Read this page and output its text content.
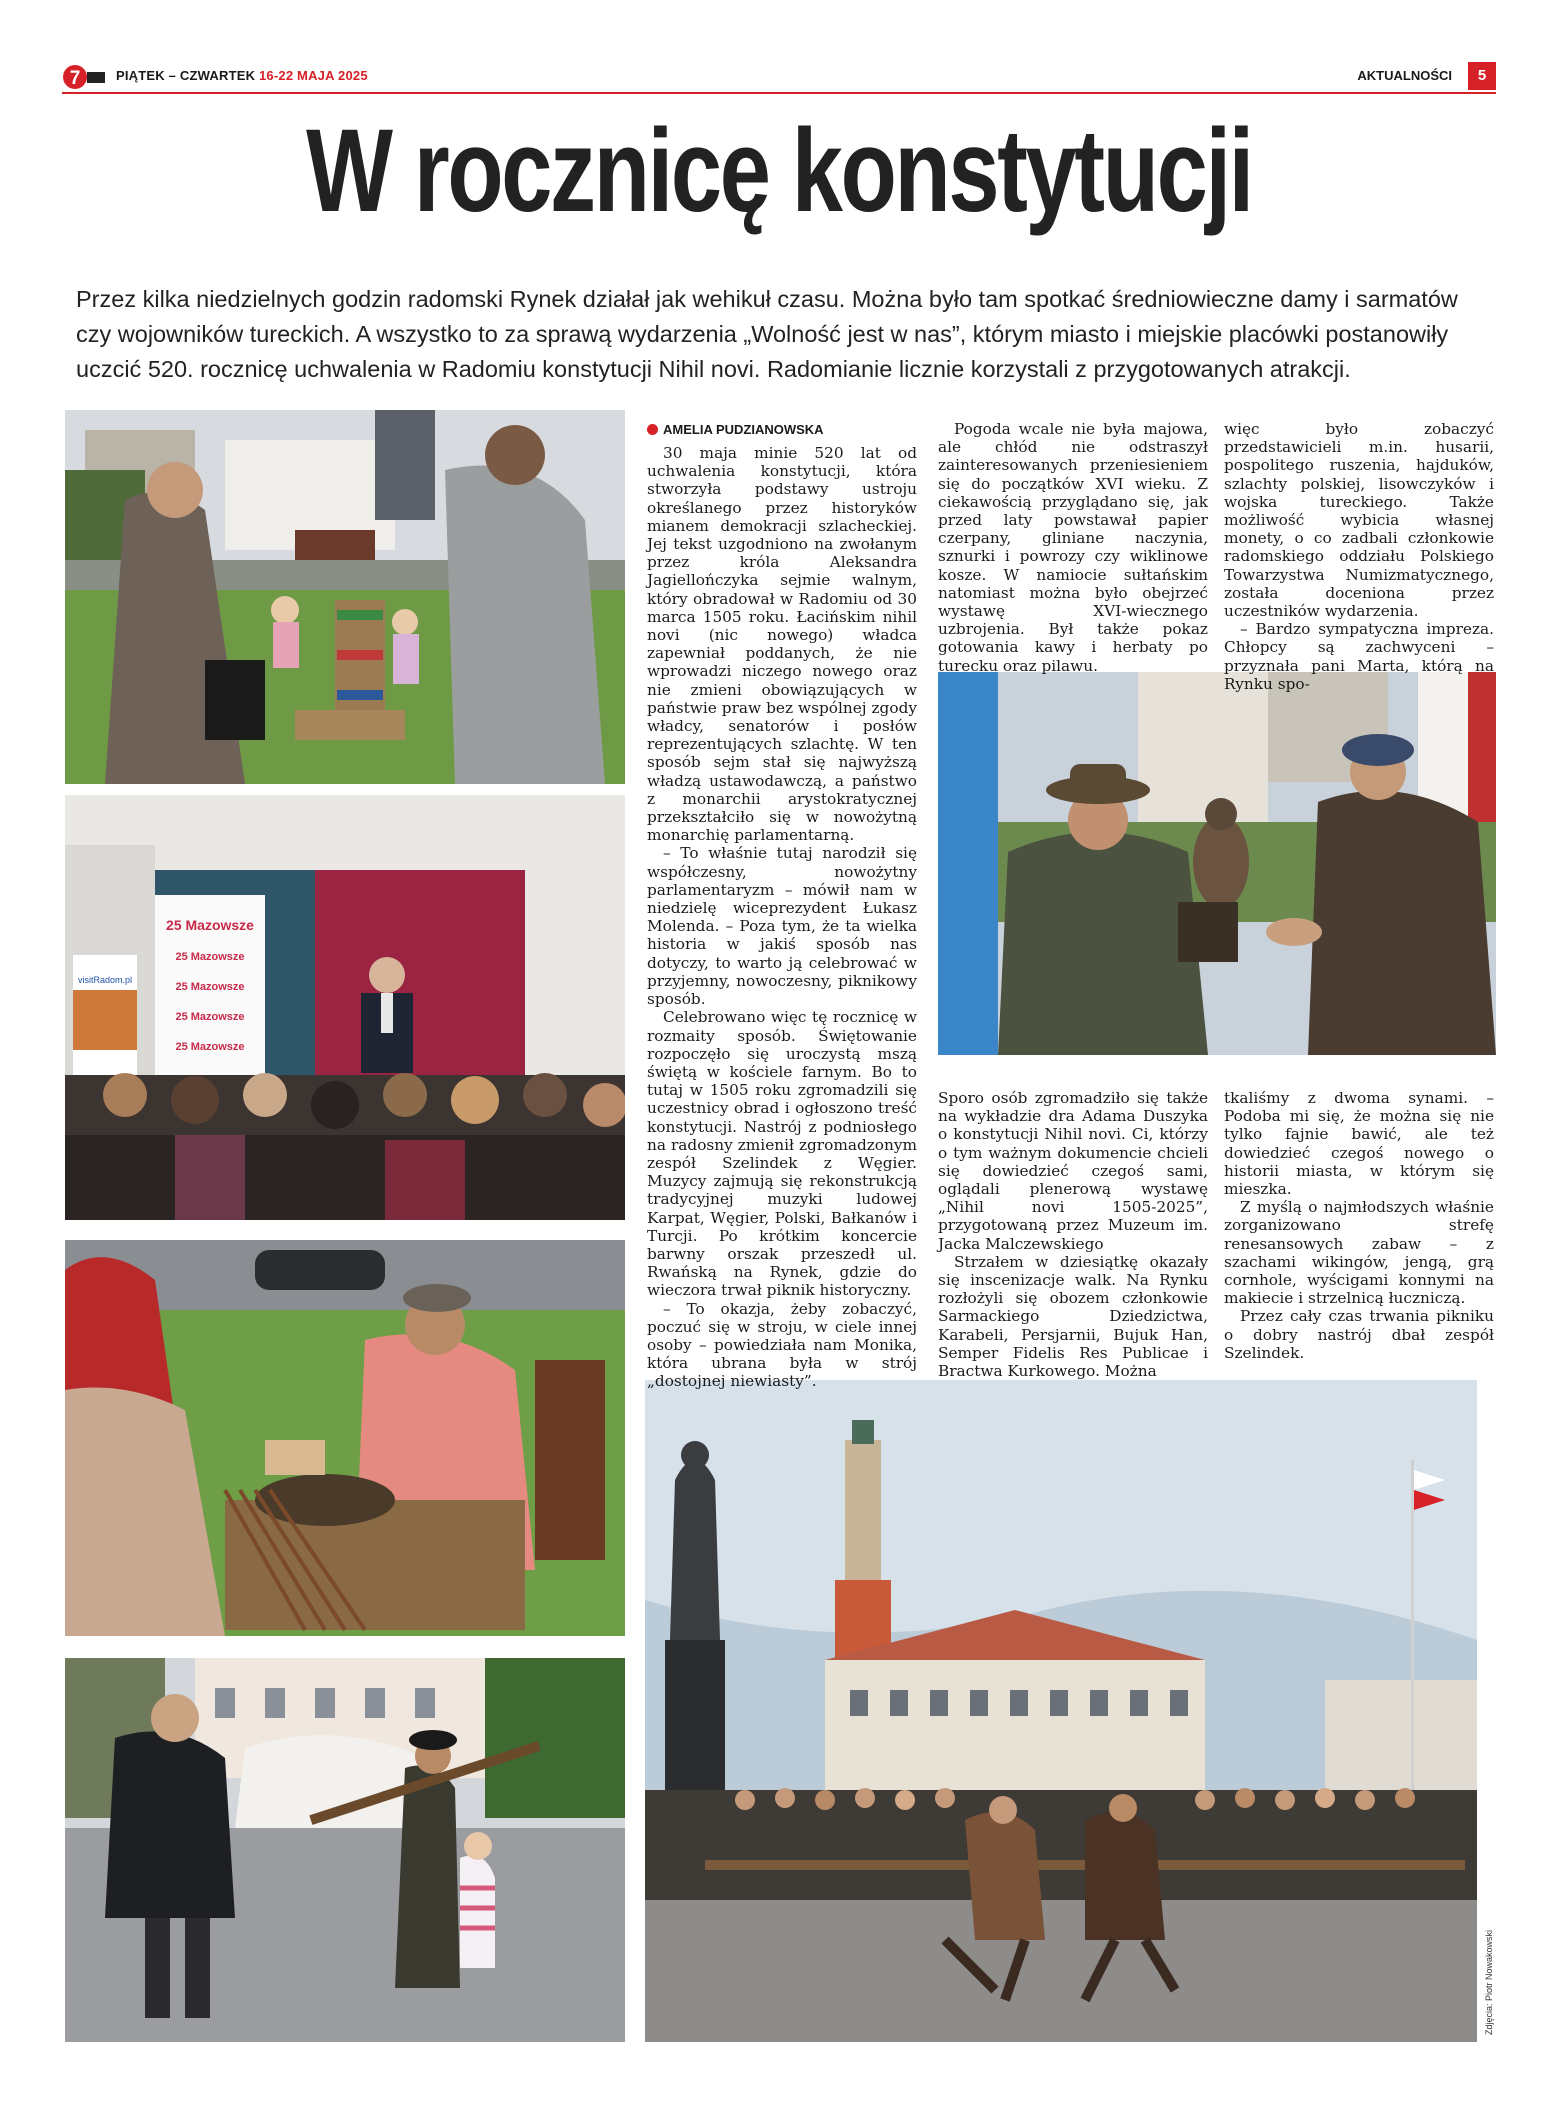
7	PIĄTEK – CZWARTEK 16-22 MAJA 2025	AKTUALNOŚCI	5
W rocznicę konstytucji
Przez kilka niedzielnych godzin radomski Rynek działał jak wehikuł czasu. Można było tam spotkać średniowieczne damy i sarmatów czy wojowników tureckich. A wszystko to za sprawą wydarzenia „Wolność jest w nas”, którym miasto i miejskie placówki postanowiły uczcić 520. rocznicę uchwalenia w Radomiu konstytucji Nihil novi. Radomianie licznie korzystali z przygotowanych atrakcji.
visitRadom.pl
25 Mazowsze
25 Mazowsze
25 Mazowsze
25 Mazowsze
25 Mazowsze
AMELIA PUDZIANOWSKA

30 maja minie 520 lat od uchwalenia konstytucji, która stworzyła podstawy ustroju określanego przez historyków mianem demokracji szlacheckiej. Jej tekst uzgodniono na zwołanym przez króla Aleksandra Jagiellończyka sejmie walnym, który obradował w Radomiu od 30 marca 1505 roku. Łacińskim nihil novi (nic nowego) władca zapewniał poddanych, że nie wprowadzi niczego nowego oraz nie zmieni obowiązujących w państwie praw bez wspólnej zgody władcy, senatorów i posłów reprezentujących szlachtę. W ten sposób sejm stał się najwyższą władzą ustawodawczą, a państwo z monarchii arystokratycznej przekształciło się w nowożytną monarchię parlamentarną.

– To właśnie tutaj narodził się współczesny, nowożytny parlamentaryzm – mówił nam w niedzielę wiceprezydent Łukasz Molenda. – Poza tym, że ta wielka historia w jakiś sposób nas dotyczy, to warto ją celebrować w przyjemny, nowoczesny, piknikowy sposób.

Celebrowano więc tę rocznicę w rozmaity sposób. Świętowanie rozpoczęło się uroczystą mszą świętą w kościele farnym. Bo to tutaj w 1505 roku zgromadzili się uczestnicy obrad i ogłoszono treść konstytucji. Nastrój z podniosłego na radosny zmienił zgromadzonym zespół Szelindek z Węgier. Muzycy zajmują się rekonstrukcją tradycyjnej muzyki ludowej Karpat, Węgier, Polski, Bałkanów i Turcji. Po krótkim koncercie barwny orszak przeszedł ul. Rwańską na Rynek, gdzie do wieczora trwał piknik historyczny.

– To okazja, żeby zobaczyć, poczuć się w stroju, w ciele innej osoby – powiedziała nam Monika, która ubrana była w strój „dostojnej niewiasty”.

Pogoda wcale nie była majowa, ale chłód nie odstraszył zainteresowanych przeniesieniem się do początków XVI wieku. Z ciekawością przyglądano się, jak przed laty powstawał papier czerpany, gliniane naczynia, sznurki i powrozy czy wiklinowe kosze. W namiocie sułtańskim natomiast można było obejrzeć wystawę XVI-wiecznego uzbrojenia. Był także pokaz gotowania kawy i herbaty po turecku oraz pilawu.

więc było zobaczyć przedstawicieli m.in. husarii, pospolitego ruszenia, hajduków, szlachty polskiej, lisowczyków i wojska tureckiego. Także możliwość wybicia własnej monety, o co zadbali członkowie radomskiego oddziału Polskiego Towarzystwa Numizmatycznego, została doceniona przez uczestników wydarzenia.

– Bardzo sympatyczna impreza. Chłopcy są zachwyceni – przyznała pani Marta, którą na Rynku spo-

Sporo osób zgromadziło się także na wykładzie dra Adama Duszyka o konstytucji Nihil novi. Ci, którzy o tym ważnym dokumencie chcieli się dowiedzieć czegoś sami, oglądali plenerową wystawę „Nihil novi 1505-2025”, przygotowaną przez Muzeum im. Jacka Malczewskiego

Strzałem w dziesiątkę okazały się inscenizacje walk. Na Rynku rozłożyli się obozem członkowie Sarmackiego Dziedzictwa, Karabeli, Persjarnii, Bujuk Han, Semper Fidelis Res Publicae i Bractwa Kurkowego. Można

tkaliśmy z dwoma synami. – Podoba mi się, że można się nie tylko fajnie bawić, ale też dowiedzieć czegoś nowego o historii miasta, w którym się mieszka.

Z myślą o najmłodszych właśnie zorganizowano strefę renesansowych zabaw – z szachami wikingów, jengą, grą cornhole, wyścigami konnymi na makiecie i strzelnicą łuczniczą.

Przez cały czas trwania pikniku o dobry nastrój dbał zespół Szelindek.

Zdjęcia: Piotr Nowakowski
